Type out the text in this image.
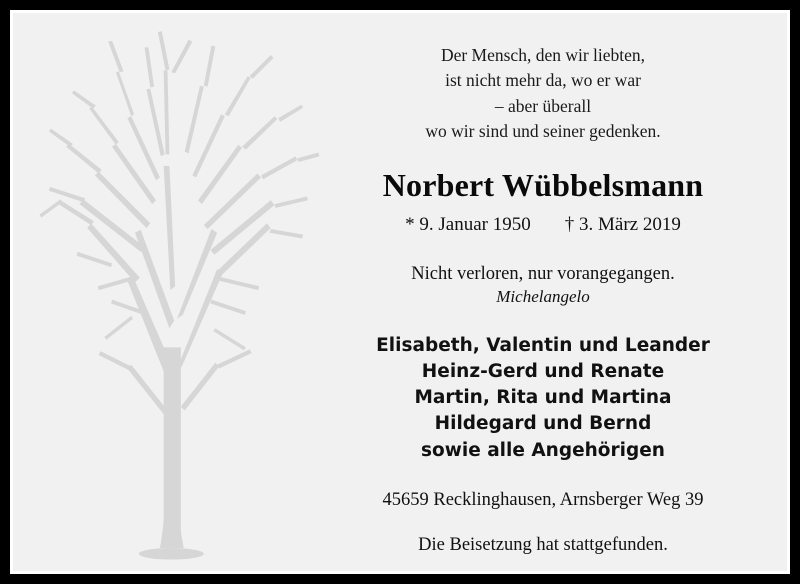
Der Mensch, den wir liebten,
ist nicht mehr da, wo er war
– aber überall
wo wir sind und seiner gedenken.
Norbert Wübbelsmann
* 9. Januar 1950 † 3. März 2019
Nicht verloren, nur vorangegangen.
Michelangelo
Elisabeth, Valentin und Leander
Heinz-Gerd und Renate
Martin, Rita und Martina
Hildegard und Bernd
sowie alle Angehörigen
45659 Recklinghausen, Arnsberger Weg 39
Die Beisetzung hat stattgefunden.
